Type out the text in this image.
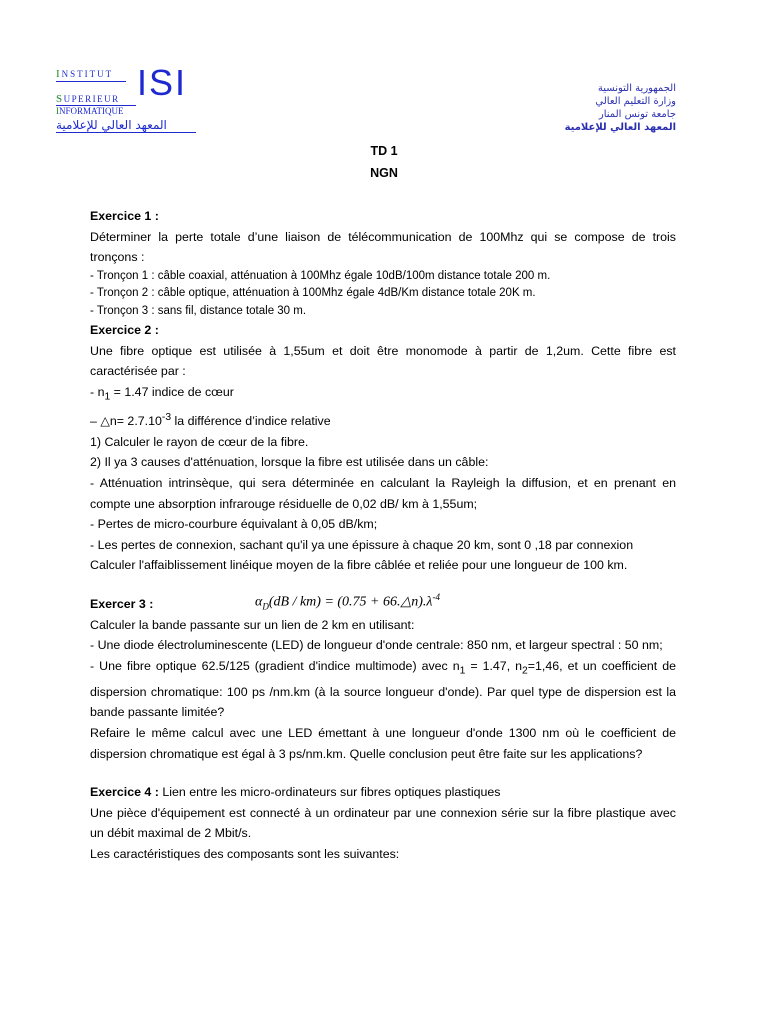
INSTITUT
SUPERIEUR
INFORMATIQUE
ISI
المعهد العالي للإعلامية
الجمهورية التونسية
وزارة التعليم العالي
جامعة تونس المنار
المعهد العالي للإعلامية
TD 1
NGN

Exercice 1 :

Déterminer la perte totale d’une liaison de télécommunication de 100Mhz qui se compose de trois tronçons :

- Tronçon 1 : câble coaxial, atténuation à 100Mhz égale 10dB/100m distance totale 200 m.

- Tronçon 2 : câble optique, atténuation à 100Mhz égale 4dB/Km distance totale 20K m.

- Tronçon 3 : sans fil, distance totale 30 m.

Exercice 2 :

Une fibre optique est utilisée à 1,55um et doit être monomode à partir de 1,2um. Cette fibre est caractérisée par :

- $n_1 = 1.47$ indice de cœur

– △n= $2.7.10^{-3}$ la différence d’indice relative

1) Calculer le rayon de cœur de la fibre.

2) Il ya 3 causes d'atténuation, lorsque la fibre est utilisée dans un câble:

- Atténuation intrinsèque, qui sera déterminée en calculant la Rayleigh la diffusion, et en prenant en compte une absorption infrarouge résiduelle de 0,02 dB/ km à 1,55um;

- Pertes de micro-courbure équivalant à 0,05 dB/km;

- Les pertes de connexion, sachant qu'il ya une épissure à chaque 20 km, sont 0 ,18 par connexion

Calculer l'affaiblissement linéique moyen de la fibre câblée et reliée pour une longueur de 100 km.

Exercer 3 :

Calculer la bande passante sur un lien de 2 km en utilisant:

- Une diode électroluminescente (LED) de longueur d'onde centrale: 850 nm, et largeur spectral : 50 nm;

- Une fibre optique 62.5/125 (gradient d'indice multimode) avec $n_1 = 1.47$, $n_2=1,46$, et un coefficient de dispersion chromatique: 100 ps /nm.km (à la source longueur d'onde). Par quel type de dispersion est la bande passante limitée?

Refaire le même calcul avec une LED émettant à une longueur d'onde 1300 nm où le coefficient de dispersion chromatique est égal à 3 ps/nm.km. Quelle conclusion peut être faite sur les applications?

Exercice 4 : Lien entre les micro-ordinateurs sur fibres optiques plastiques

Une pièce d'équipement est connecté à un ordinateur par une connexion série sur la fibre plastique avec un débit maximal de 2 Mbit/s.

Les caractéristiques des composants sont les suivantes:

$\alpha_D(dB / km) = (0.75$ + $66.\triangle n).\lambda^{-4}$
